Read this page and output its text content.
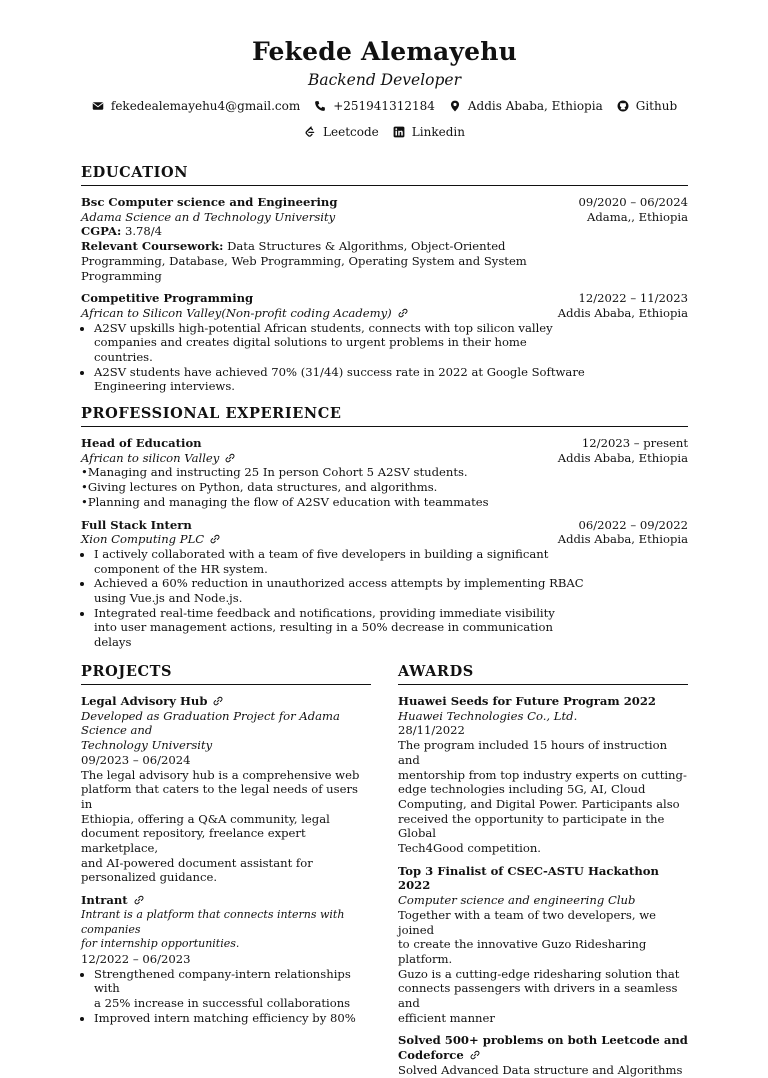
Fekede Alemayehu
Backend Developer
fekedealemayehu4@gmail.com	+251941312184	Addis Ababa, Ethiopia	Github
Leetcode	Linkedin
EDUCATION
Bsc Computer science and Engineering	09/2020 – 06/2024
Adama Science an d Technology University	Adama,, Ethiopia
CGPA: 3.78/4
Relevant Coursework: Data Structures & Algorithms, Object-Oriented
Programming, Database, Web Programming, Operating System and System
Programming
Competitive Programming	12/2022 – 11/2023
African to Silicon Valley(Non-profit coding Academy)	Addis Ababa, Ethiopia
• A2SV upskills high-potential African students, connects with top silicon valley
companies and creates digital solutions to urgent problems in their home
countries.
• A2SV students have achieved 70% (31/44) success rate in 2022 at Google Software
Engineering interviews.
PROFESSIONAL EXPERIENCE
Head of Education	12/2023 – present
African to silicon Valley	Addis Ababa, Ethiopia
•Managing and instructing 25 In person Cohort 5 A2SV students.
•Giving lectures on Python, data structures, and algorithms.
•Planning and managing the flow of A2SV education with teammates
Full Stack Intern	06/2022 – 09/2022
Xion Computing PLC	Addis Ababa, Ethiopia
• I actively collaborated with a team of five developers in building a significant
component of the HR system.
• Achieved a 60% reduction in unauthorized access attempts by implementing RBAC
using Vue.js and Node.js.
• Integrated real-time feedback and notifications, providing immediate visibility
into user management actions, resulting in a 50% decrease in communication
delays
PROJECTS
Legal Advisory Hub
Developed as Graduation Project for Adama Science and
Technology University
09/2023 – 06/2024
The legal advisory hub is a comprehensive web
platform that caters to the legal needs of users in
Ethiopia, offering a Q&A community, legal
document repository, freelance expert marketplace,
and AI-powered document assistant for
personalized guidance.
Intrant
Intrant is a platform that connects interns with companies
for internship opportunities.
12/2022 – 06/2023
• Strengthened company-intern relationships with
a 25% increase in successful collaborations
• Improved intern matching efficiency by 80%
AWARDS
Huawei Seeds for Future Program 2022
Huawei Technologies Co., Ltd.
28/11/2022
The program included 15 hours of instruction and
mentorship from top industry experts on cutting-
edge technologies including 5G, AI, Cloud
Computing, and Digital Power. Participants also
received the opportunity to participate in the Global
Tech4Good competition.
Top 3 Finalist of CSEC-ASTU Hackathon 2022
Computer science and engineering Club
Together with a team of two developers, we joined
to create the innovative Guzo Ridesharing platform.
Guzo is a cutting-edge ridesharing solution that
connects passengers with drivers in a seamless and
efficient manner
Solved 500+ problems on both Leetcode and
Codeforce
Solved Advanced Data structure and Algorithms
